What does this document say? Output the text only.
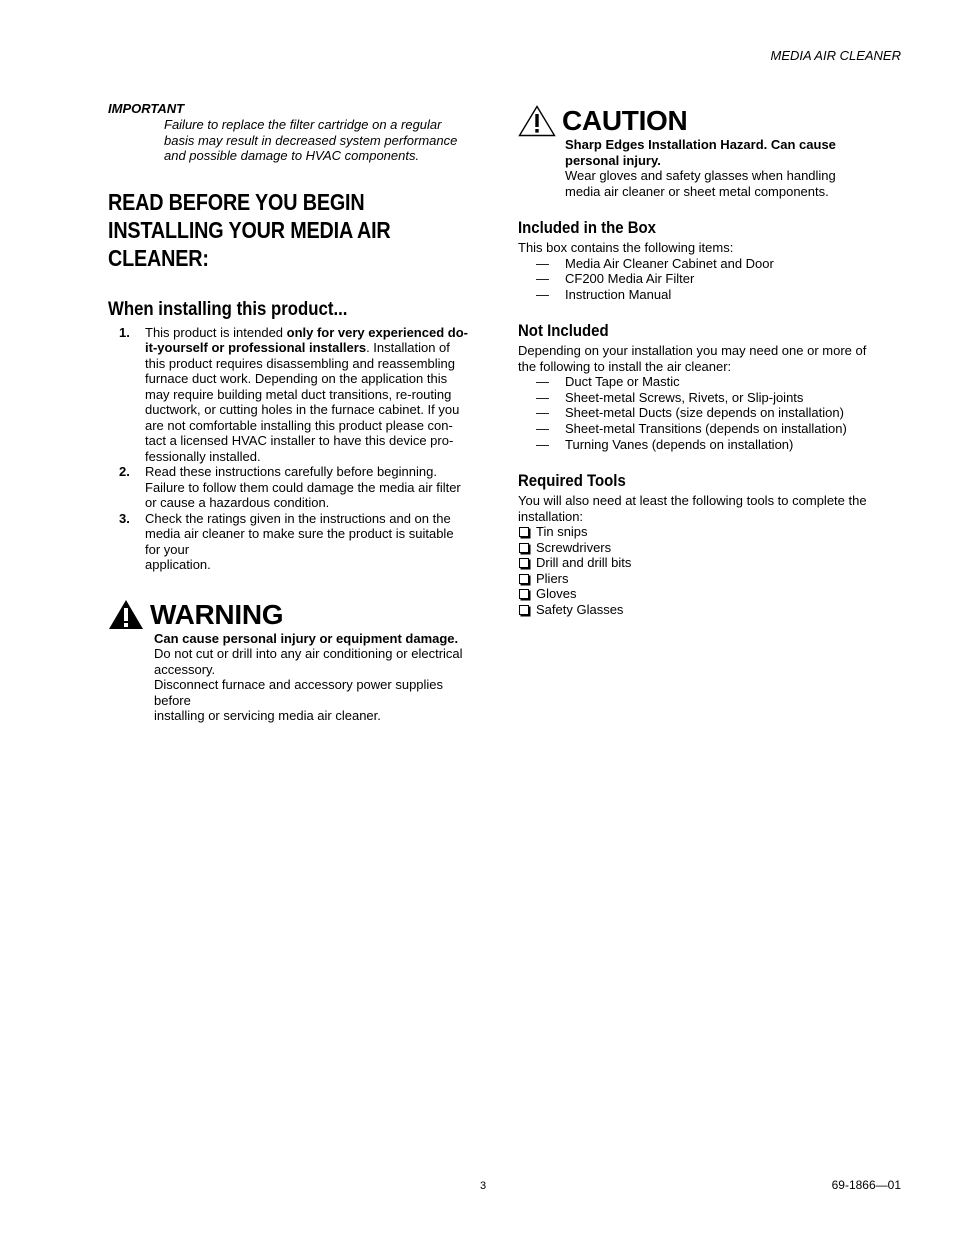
MEDIA AIR CLEANER
IMPORTANT
Failure to replace the filter cartridge on a regular
basis may result in decreased system performance
and possible damage to HVAC components.
READ BEFORE YOU BEGIN
INSTALLING YOUR MEDIA AIR
CLEANER:
When installing this product...
1. This product is intended only for very experienced do-
it-yourself or professional installers. Installation of
this product requires disassembling and reassembling
furnace duct work. Depending on the application this
may require building metal duct transitions, re-routing
ductwork, or cutting holes in the furnace cabinet. If you
are not comfortable installing this product please con-
tact a licensed HVAC installer to have this device pro-
fessionally installed.
2. Read these instructions carefully before beginning.
Failure to follow them could damage the media air filter
or cause a hazardous condition.
3. Check the ratings given in the instructions and on the
media air cleaner to make sure the product is suitable
for your
application.
WARNING
Can cause personal injury or equipment damage.
Do not cut or drill into any air conditioning or electrical
accessory.
Disconnect furnace and accessory power supplies
before
installing or servicing media air cleaner.
CAUTION
Sharp Edges Installation Hazard. Can cause
personal injury.
Wear gloves and safety glasses when handling
media air cleaner or sheet metal components.
Included in the Box
This box contains the following items:
— Media Air Cleaner Cabinet and Door
— CF200 Media Air Filter
— Instruction Manual
Not Included
Depending on your installation you may need one or more of
the following to install the air cleaner:
— Duct Tape or Mastic
— Sheet-metal Screws, Rivets, or Slip-joints
— Sheet-metal Ducts (size depends on installation)
— Sheet-metal Transitions (depends on installation)
— Turning Vanes (depends on installation)
Required Tools
You will also need at least the following tools to complete the
installation:
Tin snips
Screwdrivers
Drill and drill bits
Pliers
Gloves
Safety Glasses
3	69-1866—01
